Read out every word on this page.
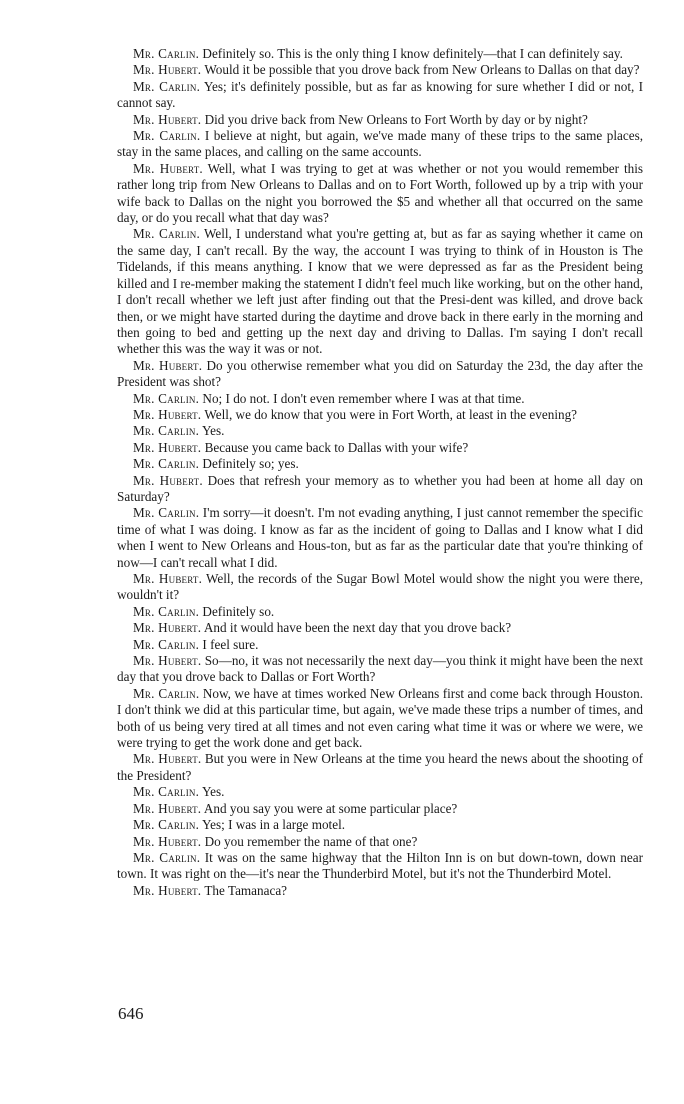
Mr. Carlin. Definitely so. This is the only thing I know definitely—that I can definitely say.

Mr. Hubert. Would it be possible that you drove back from New Orleans to Dallas on that day?

Mr. Carlin. Yes; it's definitely possible, but as far as knowing for sure whether I did or not, I cannot say.

Mr. Hubert. Did you drive back from New Orleans to Fort Worth by day or by night?

Mr. Carlin. I believe at night, but again, we've made many of these trips to the same places, stay in the same places, and calling on the same accounts.

Mr. Hubert. Well, what I was trying to get at was whether or not you would remember this rather long trip from New Orleans to Dallas and on to Fort Worth, followed up by a trip with your wife back to Dallas on the night you borrowed the $5 and whether all that occurred on the same day, or do you recall what that day was?

Mr. Carlin. Well, I understand what you're getting at, but as far as saying whether it came on the same day, I can't recall. By the way, the account I was trying to think of in Houston is The Tidelands, if this means anything. I know that we were depressed as far as the President being killed and I re-member making the statement I didn't feel much like working, but on the other hand, I don't recall whether we left just after finding out that the Presi-dent was killed, and drove back then, or we might have started during the daytime and drove back in there early in the morning and then going to bed and getting up the next day and driving to Dallas. I'm saying I don't recall whether this was the way it was or not.

Mr. Hubert. Do you otherwise remember what you did on Saturday the 23d, the day after the President was shot?

Mr. Carlin. No; I do not. I don't even remember where I was at that time.

Mr. Hubert. Well, we do know that you were in Fort Worth, at least in the evening?

Mr. Carlin. Yes.

Mr. Hubert. Because you came back to Dallas with your wife?

Mr. Carlin. Definitely so; yes.

Mr. Hubert. Does that refresh your memory as to whether you had been at home all day on Saturday?

Mr. Carlin. I'm sorry—it doesn't. I'm not evading anything, I just cannot remember the specific time of what I was doing. I know as far as the incident of going to Dallas and I know what I did when I went to New Orleans and Hous-ton, but as far as the particular date that you're thinking of now—I can't recall what I did.

Mr. Hubert. Well, the records of the Sugar Bowl Motel would show the night you were there, wouldn't it?

Mr. Carlin. Definitely so.

Mr. Hubert. And it would have been the next day that you drove back?

Mr. Carlin. I feel sure.

Mr. Hubert. So—no, it was not necessarily the next day—you think it might have been the next day that you drove back to Dallas or Fort Worth?

Mr. Carlin. Now, we have at times worked New Orleans first and come back through Houston. I don't think we did at this particular time, but again, we've made these trips a number of times, and both of us being very tired at all times and not even caring what time it was or where we were, we were trying to get the work done and get back.

Mr. Hubert. But you were in New Orleans at the time you heard the news about the shooting of the President?

Mr. Carlin. Yes.

Mr. Hubert. And you say you were at some particular place?

Mr. Carlin. Yes; I was in a large motel.

Mr. Hubert. Do you remember the name of that one?

Mr. Carlin. It was on the same highway that the Hilton Inn is on but down-town, down near town. It was right on the—it's near the Thunderbird Motel, but it's not the Thunderbird Motel.

Mr. Hubert. The Tamanaca?

646
